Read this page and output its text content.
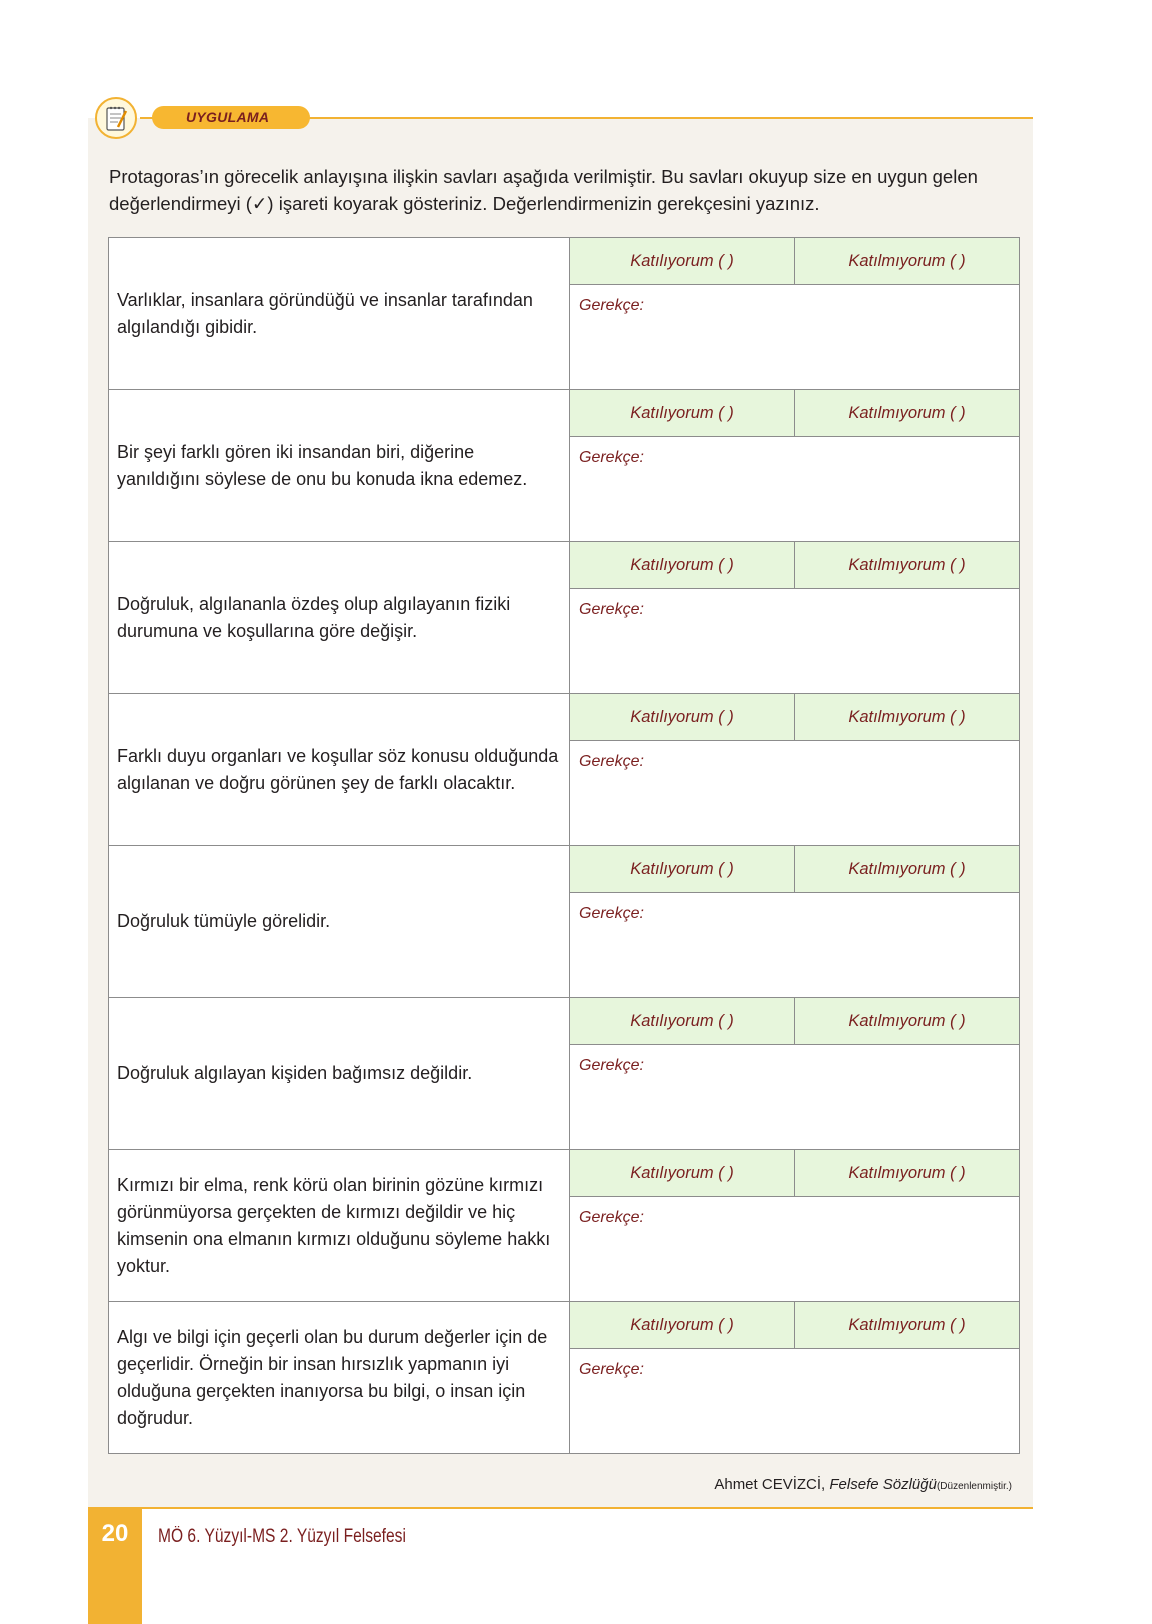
UYGULAMA
Protagoras’ın görecelik anlayışına ilişkin savları aşağıda verilmiştir. Bu savları okuyup size en uygun gelen değerlendirmeyi (✓) işareti koyarak gösteriniz. Değerlendirmenizin gerekçesini yazınız.
Varlıklar, insanlara göründüğü ve insanlar tarafından algılandığı gibidir.	Katılıyorum ( ) Katılmıyorum ( )
Gerekçe:

Bir şeyi farklı gören iki insandan biri, diğerine yanıldığını söylese de onu bu konuda ikna edemez.	Katılıyorum ( ) Katılmıyorum ( )
Gerekçe:

Doğruluk, algılananla özdeş olup algılayanın fiziki durumuna ve koşullarına göre değişir.	Katılıyorum ( ) Katılmıyorum ( )
Gerekçe:

Farklı duyu organları ve koşullar söz konusu olduğunda algılanan ve doğru görünen şey de farklı olacaktır.	Katılıyorum ( ) Katılmıyorum ( )
Gerekçe:

Doğruluk tümüyle görelidir.	Katılıyorum ( ) Katılmıyorum ( )
Gerekçe:

Doğruluk algılayan kişiden bağımsız değildir.	Katılıyorum ( ) Katılmıyorum ( )
Gerekçe:

Kırmızı bir elma, renk körü olan birinin gözüne kırmızı görünmüyorsa gerçekten de kırmızı değildir ve hiç kimsenin ona elmanın kırmızı olduğunu söyleme hakkı yoktur.	Katılıyorum ( ) Katılmıyorum ( )
Gerekçe:

Algı ve bilgi için geçerli olan bu durum değerler için de geçerlidir. Örneğin bir insan hırsızlık yapmanın iyi olduğuna gerçekten inanıyorsa bu bilgi, o insan için doğrudur.	Katılıyorum ( ) Katılmıyorum ( )
Gerekçe:
Ahmet CEVİZCİ, Felsefe Sözlüğü(Düzenlenmiştir.)
20	MÖ 6. Yüzyıl-MS 2. Yüzyıl Felsefesi
